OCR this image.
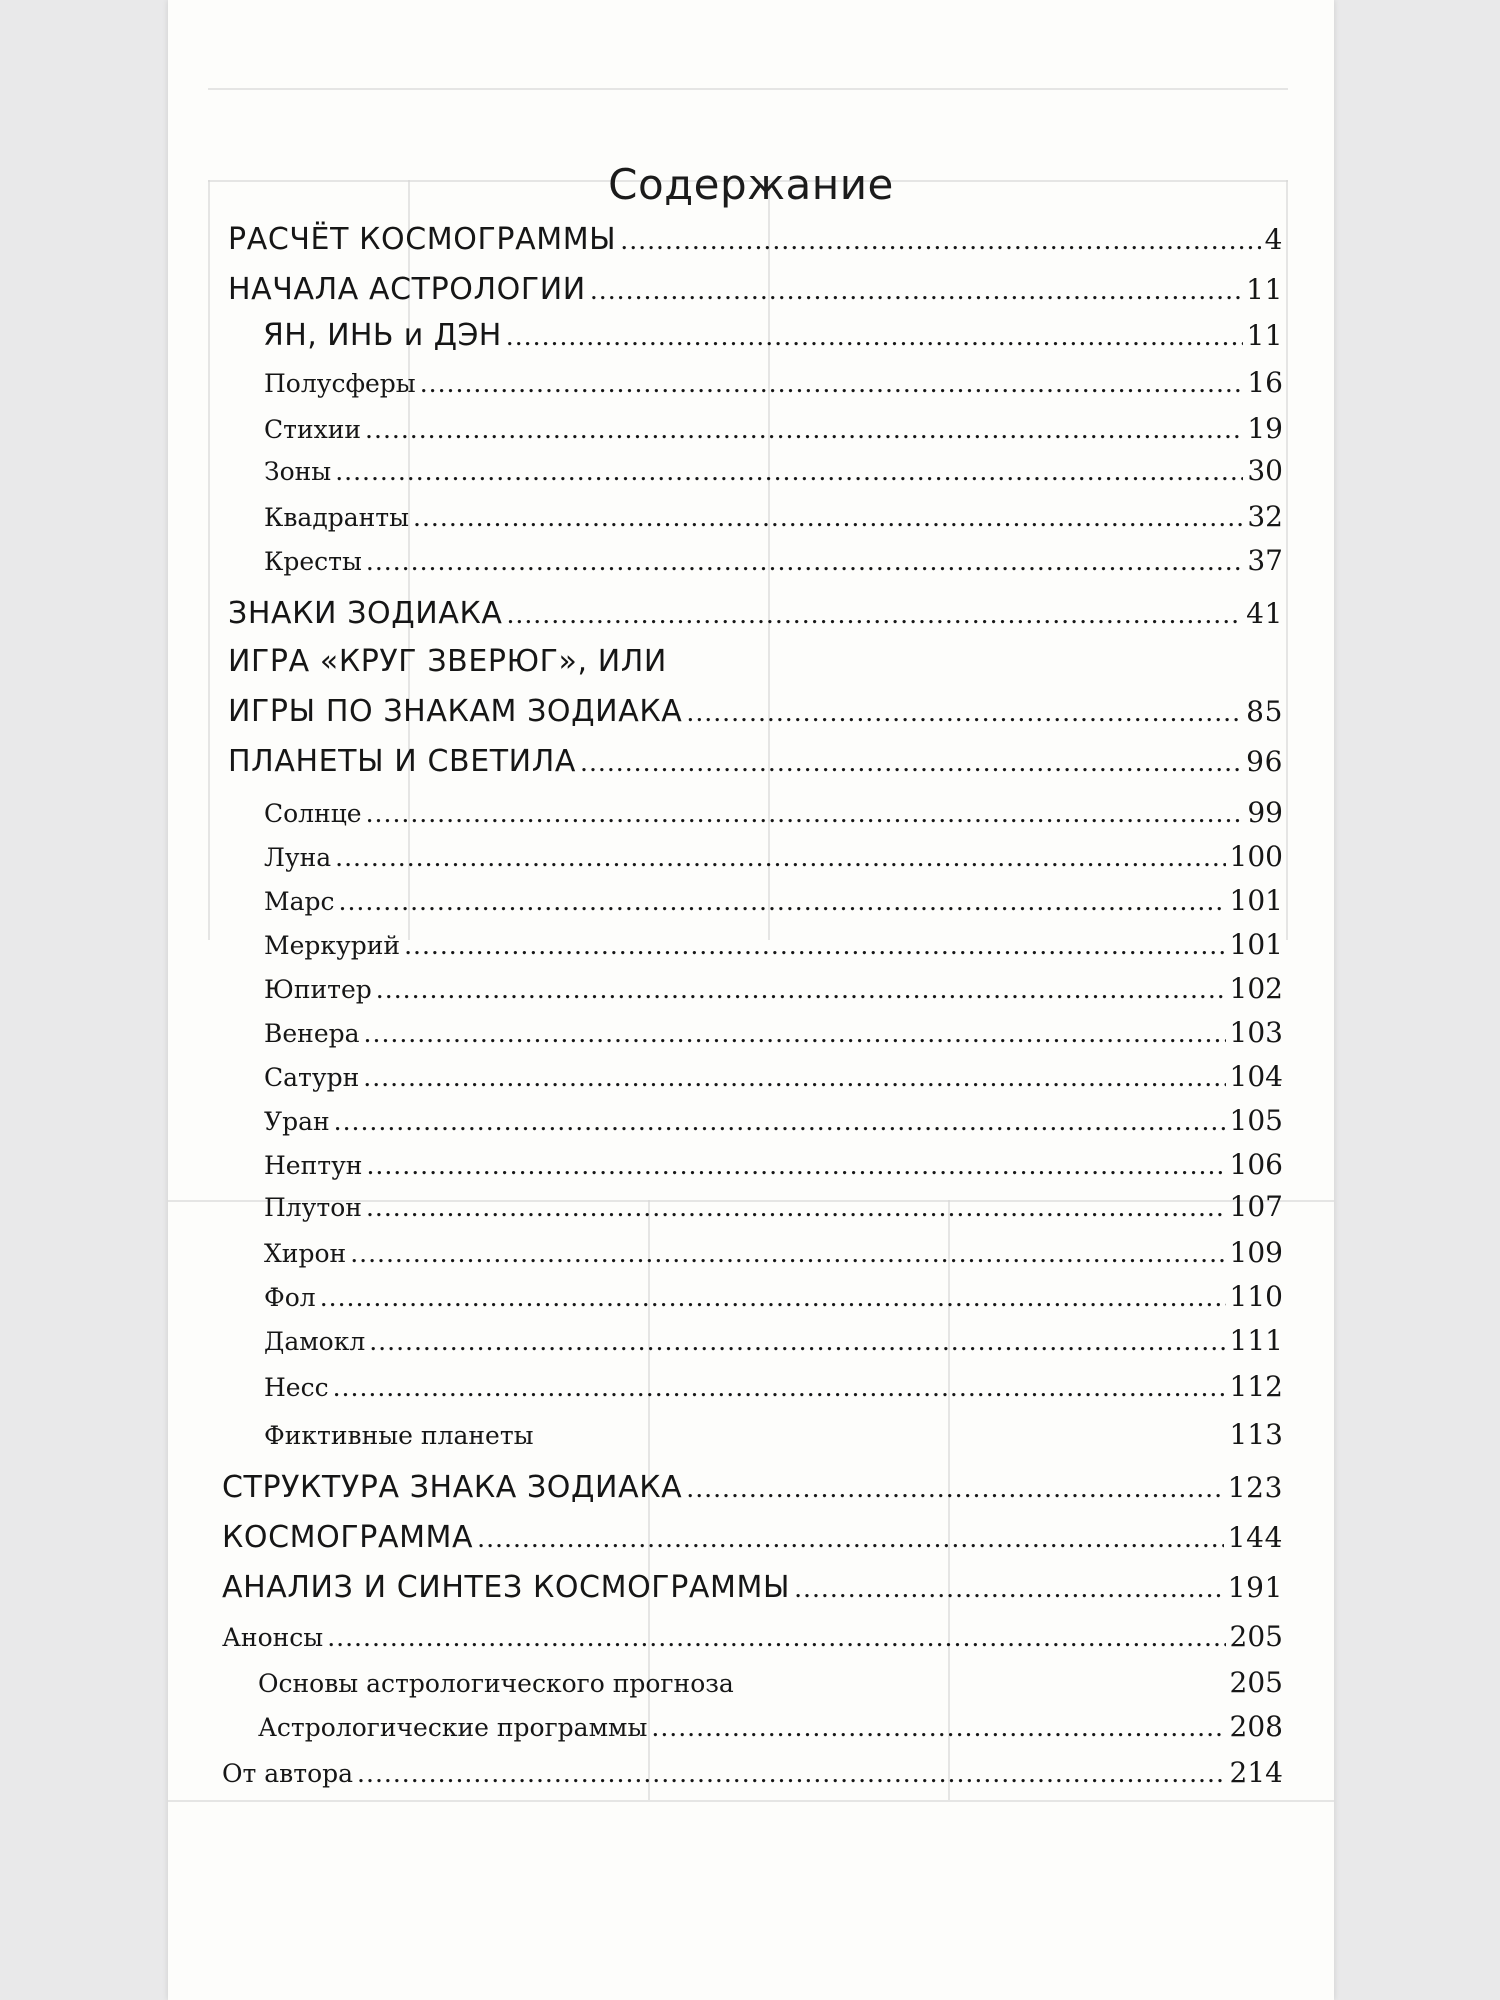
Содержание
РАСЧЁТ КОСМОГРАММЫ .....	4
НАЧАЛА АСТРОЛОГИИ .....	11
ЯН, ИНЬ и ДЭН .....	11
Полусферы .....	16
Стихии .....	19
Зоны .....	30
Квадранты .....	32
Кресты .....	37
ЗНАКИ ЗОДИАКА .....	41
ИГРА «КРУГ ЗВЕРЮГ», ИЛИ
ИГРЫ ПО ЗНАКАМ ЗОДИАКА .....	85
ПЛАНЕТЫ И СВЕТИЛА .....	96
Солнце .....	99
Луна .....	100
Марс .....	101
Меркурий .....	101
Юпитер .....	102
Венера .....	103
Сатурн .....	104
Уран .....	105
Нептун .....	106
Плутон .....	107
Хирон .....	109
Фол .....	110
Дамокл .....	111
Несс .....	112
Фиктивные планеты	113
СТРУКТУРА ЗНАКА ЗОДИАКА .....	123
КОСМОГРАММА .....	144
АНАЛИЗ И СИНТЕЗ КОСМОГРАММЫ .....	191
Анонсы .....	205
Основы астрологического прогноза	205
Астрологические программы .....	208
От автора .....	214
